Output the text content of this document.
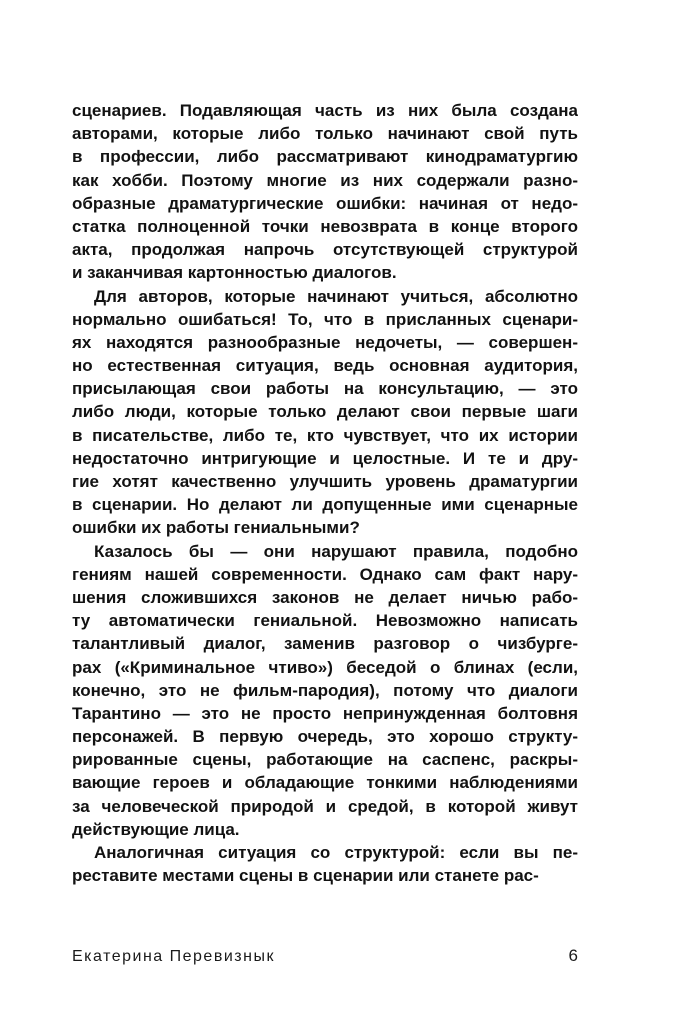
сценариев. Подавляющая часть из них была создана
авторами, которые либо только начинают свой путь
в профессии, либо рассматривают кинодраматургию
как хобби. Поэтому многие из них содержали разно-
образные драматургические ошибки: начиная от недо-
статка полноценной точки невозврата в конце второго
акта, продолжая напрочь отсутствующей структурой
и заканчивая картонностью диалогов.
Для авторов, которые начинают учиться, абсолютно
нормально ошибаться! То, что в присланных сценари-
ях находятся разнообразные недочеты, — совершен-
но естественная ситуация, ведь основная аудитория,
присылающая свои работы на консультацию, — это
либо люди, которые только делают свои первые шаги
в писательстве, либо те, кто чувствует, что их истории
недостаточно интригующие и целостные. И те и дру-
гие хотят качественно улучшить уровень драматургии
в сценарии. Но делают ли допущенные ими сценарные
ошибки их работы гениальными?
Казалось бы — они нарушают правила, подобно
гениям нашей современности. Однако сам факт нару-
шения сложившихся законов не делает ничью рабо-
ту автоматически гениальной. Невозможно написать
талантливый диалог, заменив разговор о чизбурге-
рах («Криминальное чтиво») беседой о блинах (если,
конечно, это не фильм-пародия), потому что диалоги
Тарантино — это не просто непринужденная болтовня
персонажей. В первую очередь, это хорошо структу-
рированные сцены, работающие на саспенс, раскры-
вающие героев и обладающие тонкими наблюдениями
за человеческой природой и средой, в которой живут
действующие лица.
Аналогичная ситуация со структурой: если вы пе-
реставите местами сцены в сценарии или станете рас-
Екатерина Перевизнык	6
